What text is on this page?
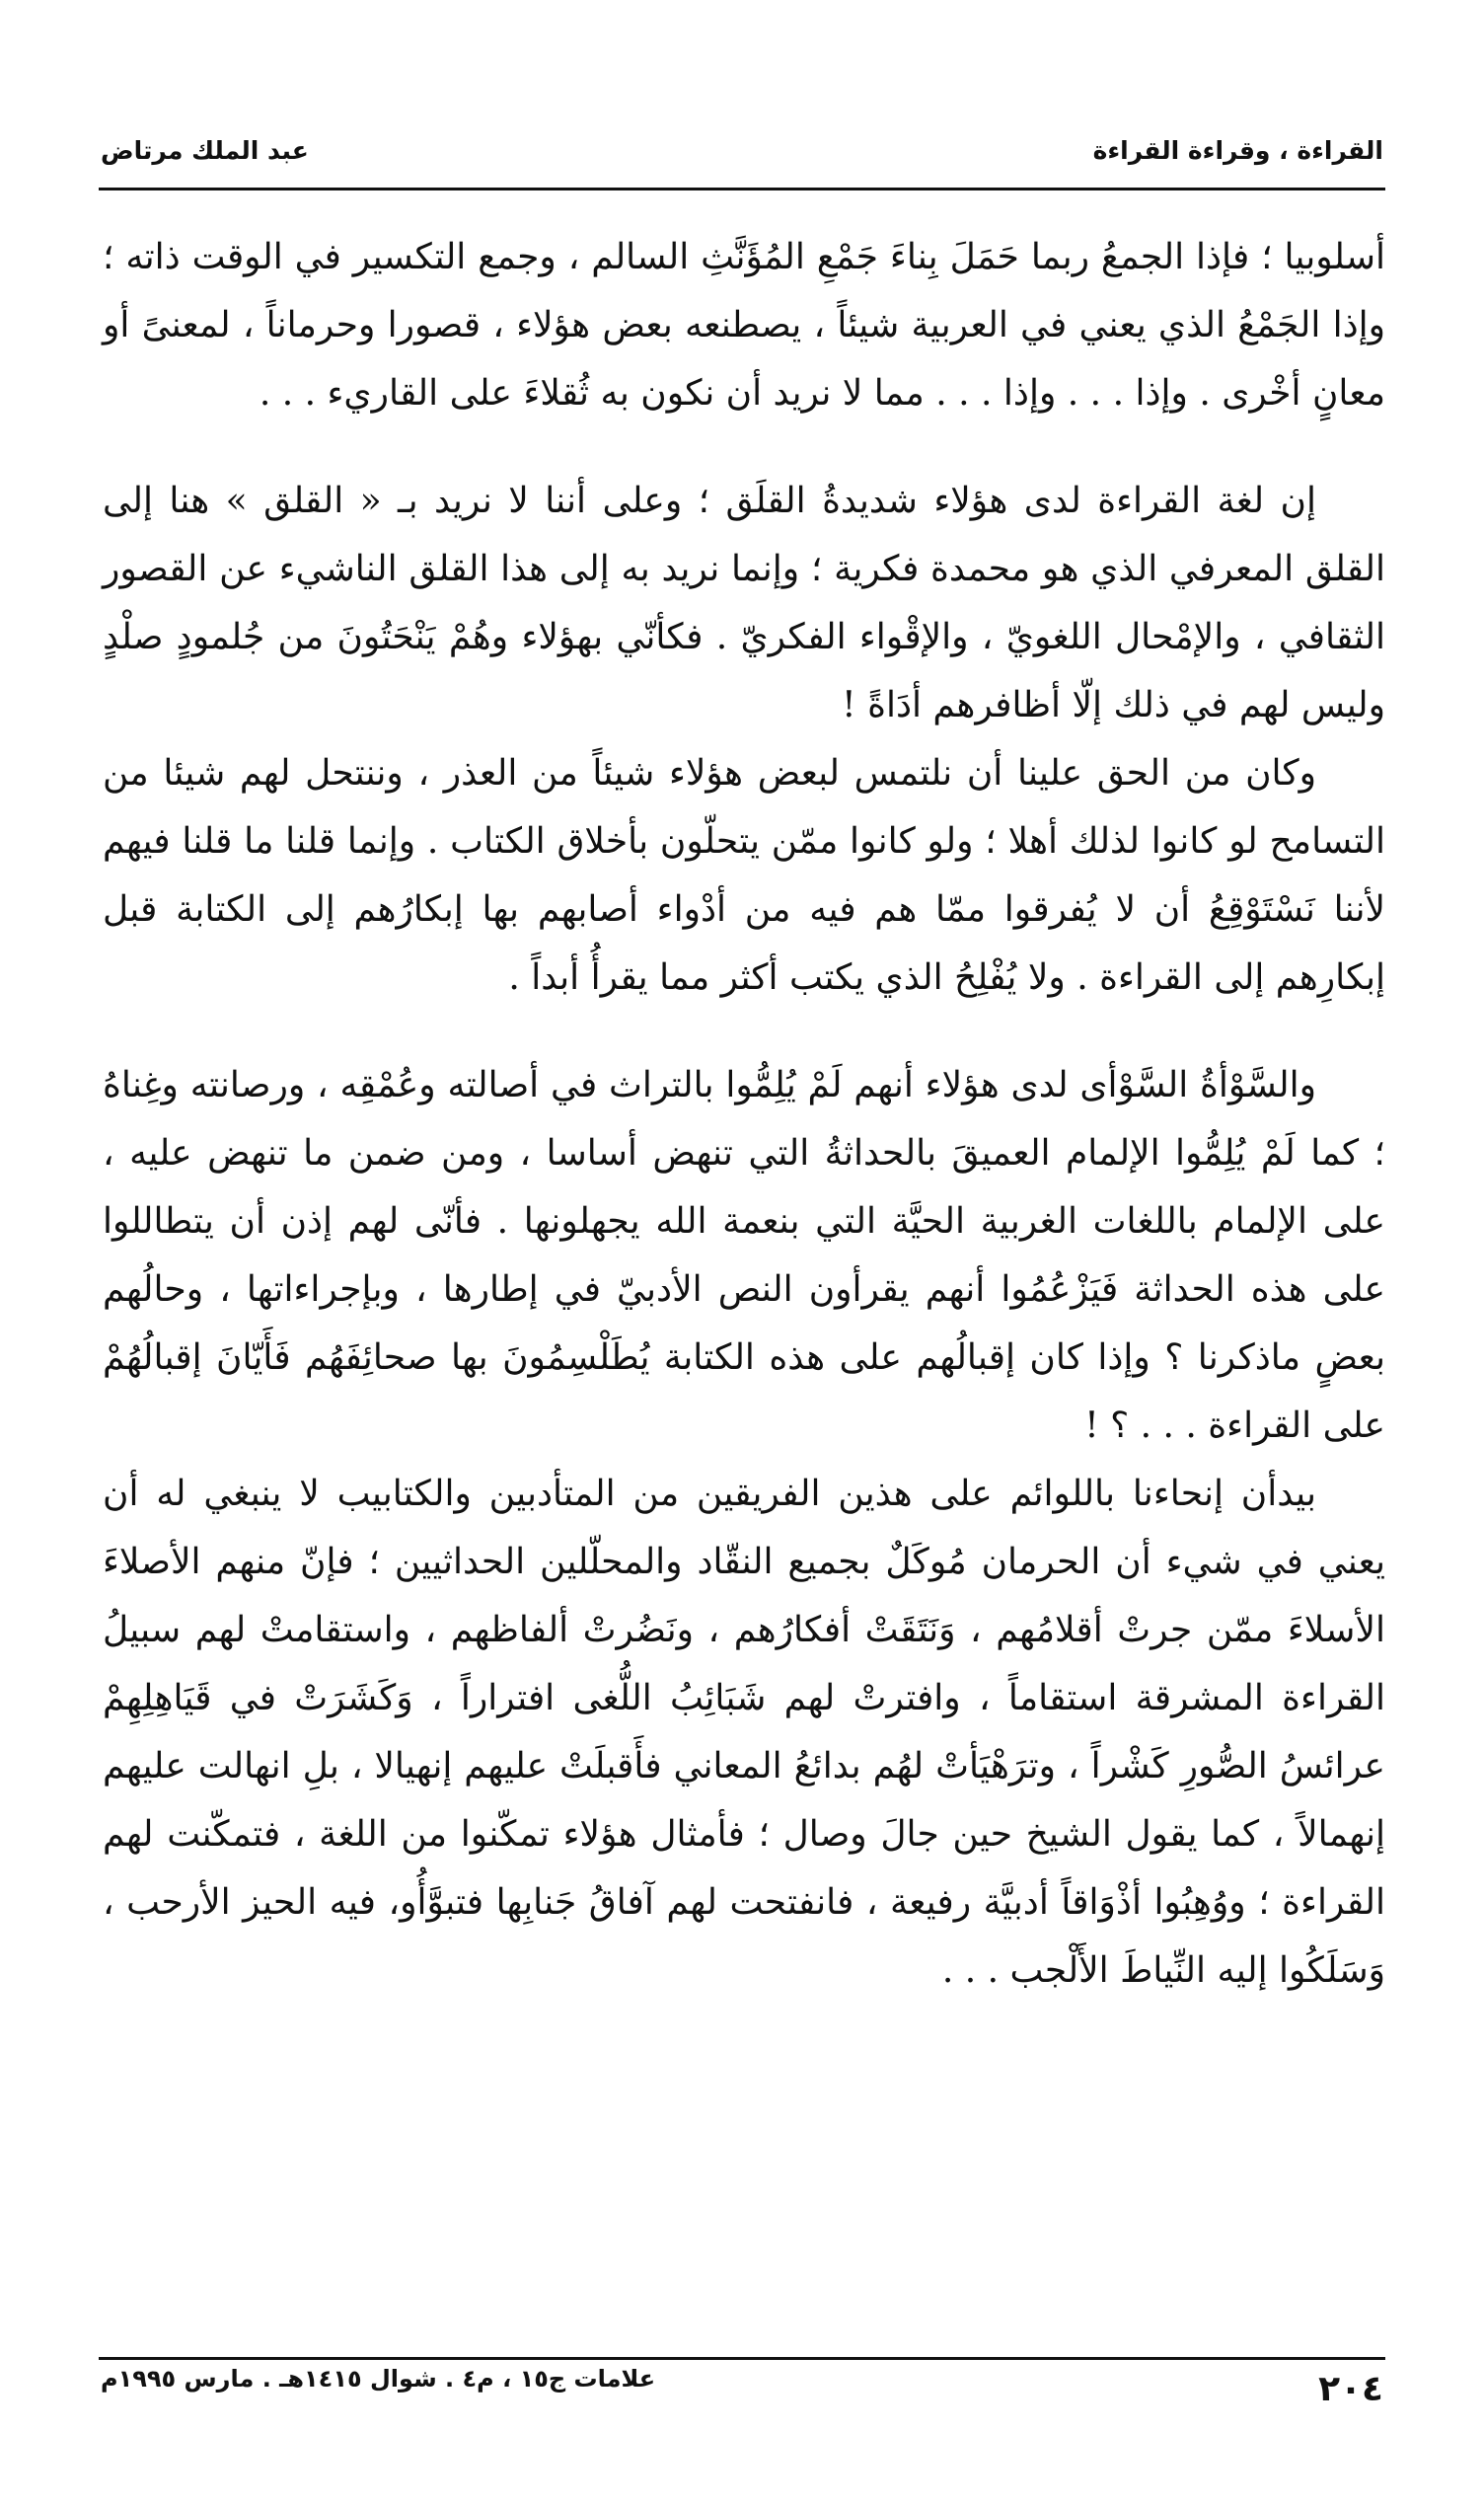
القراءة ، وقراءة القراءة
عبد الملك مرتاض

أسلوبيا ؛ فإذا الجمعُ ربما حَمَلَ بِناءَ جَمْعِ المُؤَنَّثِ السالم ، وجمع التكسير في الوقت ذاته ؛ وإذا الجَمْعُ الذي يعني في العربية شيئاً ، يصطنعه بعض هؤلاء ، قصورا وحرماناً ، لمعنىً أو معانٍ أخْرى . وإذا . . . وإذا . . . مما لا نريد أن نكون به ثُقلاءَ على القاريء . . .

إن لغة القراءة لدى هؤلاء شديدةُ القلَق ؛ وعلى أننا لا نريد بـ « القلق » هنا إلى القلق المعرفي الذي هو محمدة فكرية ؛ وإنما نريد به إلى هذا القلق الناشيء عن القصور الثقافي ، والإمْحال اللغويّ ، والإقْواء الفكريّ . فكأنّي بهؤلاء وهُمْ يَنْحَتُونَ من جُلمودٍ صلْدٍ وليس لهم في ذلك إلّا أظافرهم أدَاةً !

وكان من الحق علينا أن نلتمس لبعض هؤلاء شيئاً من العذر ، وننتحل لهم شيئا من التسامح لو كانوا لذلك أهلا ؛ ولو كانوا ممّن يتحلّون بأخلاق الكتاب . وإنما قلنا ما قلنا فيهم لأننا نَسْتَوْقِعُ أن لا يُفرقوا ممّا هم فيه من أدْواء أصابهم بها إبكارُهم إلى الكتابة قبل إبكارِهم إلى القراءة . ولا يُفْلِحُ الذي يكتب أكثر مما يقرأُ أبداً .

والسَّوْأةُ السَّوْأى لدى هؤلاء أنهم لَمْ يُلِمُّوا بالتراث في أصالته وعُمْقِه ، ورصانته وغِناهُ ؛ كما لَمْ يُلِمُّوا الإلمام العميقَ بالحداثةُ التي تنهض أساسا ، ومن ضمن ما تنهض عليه ، على الإلمام باللغات الغربية الحيَّة التي بنعمة الله يجهلونها . فأنّى لهم إذن أن يتطاللوا على هذه الحداثة فَيَزْعُمُوا أنهم يقرأون النص الأدبيّ في إطارها ، وبإجراءاتها ، وحالُهم بعضٍ ماذكرنا ؟ وإذا كان إقبالُهم على هذه الكتابة يُطَلْسِمُونَ بها صحائِفَهُم فَأَيّانَ إقبالُهُمْ على القراءة . . . ؟ !

بيدأن إنحاءنا باللوائم على هذين الفريقين من المتأدبين والكتابيب لا ينبغي له أن يعني في شيء أن الحرمان مُوكَلٌ بجميع النقّاد والمحلّلين الحداثيين ؛ فإنّ منهم الأصلاءَ الأسلاءَ ممّن جرتْ أقلامُهم ، وَنَتَقَتْ أفكارُهم ، ونَضُرتْ ألفاظهم ، واستقامتْ لهم سبيلُ القراءة المشرقة استقاماً ، وافترتْ لهم شَبَائِبُ اللُّغى افتراراً ، وَكَشَرَتْ في قَيَاهِلِهِمْ عرائسُ الصُّورِ كَشْراً ، وترَهْيَأتْ لهُم بدائعُ المعاني فأَقبلَتْ عليهم إنهيالا ، بلِ انهالت عليهم إنهمالاً ، كما يقول الشيخ حين جالَ وصال ؛ فأمثال هؤلاء تمكّنوا من اللغة ، فتمكّنت لهم القراءة ؛ ووُهِبُوا أذْوَاقاً أدبيَّة رفيعة ، فانفتحت لهم آفاقُ جَنابِها فتبوَّأُو، فيه الحيز الأرحب ، وَسَلَكُوا إليه النِّياطَ الأَلْجب . . .

٢٠٤
علامات ج١٥ ، م٤ . شوال ١٤١٥هـ . مارس ١٩٩٥م
